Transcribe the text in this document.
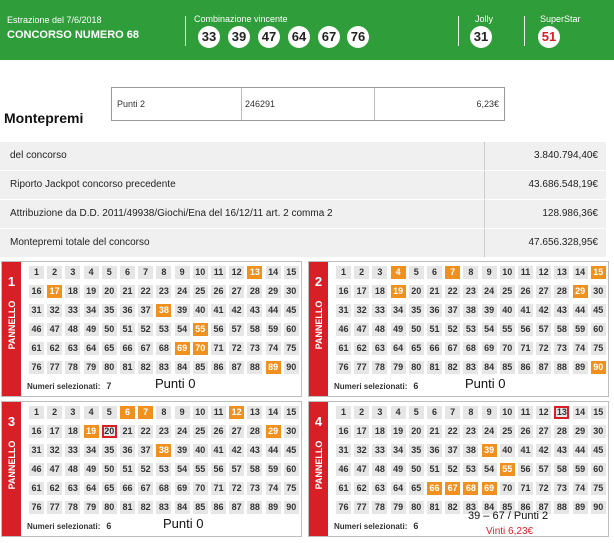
Estrazione del 7/6/2018
CONCORSO NUMERO 68
Combinazione vincente
33 39 47 64 67 76
Jolly
31
SuperStar
51
Punti 2	246291	6,23€
Montepremi
del concorso	3.840.794,40€
Riporto Jackpot concorso precedente	43.686.548,19€
Attribuzione da D.D. 2011/49938/Giochi/Ena del 16/12/11 art. 2 comma 2	128.986,36€
Montepremi totale del concorso	47.656.328,95€
1
PANNELLO
1	2	3	4	5	6	7	8	9	10 11 12 13 14 15
16 17 18 19 20 21 22 23 24 25 26 27 28 29 30
31 32 33 34 35 36 37 38 39 40 41 42 43 44 45
46 47 48 49 50 51 52 53 54 55 56 57 58 59 60
61 62 63 64 65 66 67 68 69 70 71 72 73 74 75
76 77 78 79 80 81 82 83 84 85 86 87 88 89 90
Numeri selezionati: 7	Punti 0
2
PANNELLO
1	2	3	4	5	6	7	8	9	10 11 12 13 14 15
16 17 18 19 20 21 22 23 24 25 26 27 28 29 30
31 32 33 34 35 36 37 38 39 40 41 42 43 44 45
46 47 48 49 50 51 52 53 54 55 56 57 58 59 60
61 62 63 64 65 66 67 68 69 70 71 72 73 74 75
76 77 78 79 80 81 82 83 84 85 86 87 88 89 90
Numeri selezionati: 6	Punti 0
3
PANNELLO
1	2	3	4	5	6	7	8	9	10 11 12 13 14 15
16 17 18 19 20 21 22 23 24 25 26 27 28 29 30
31 32 33 34 35 36 37 38 39 40 41 42 43 44 45
46 47 48 49 50 51 52 53 54 55 56 57 58 59 60
61 62 63 64 65 66 67 68 69 70 71 72 73 74 75
76 77 78 79 80 81 82 83 84 85 86 87 88 89 90
Numeri selezionati: 6	Punti 0
4
PANNELLO
1	2	3	4	5	6	7	8	9	10 11 12 13 14 15
16 17 18 19 20 21 22 23 24 25 26 27 28 29 30
31 32 33 34 35 36 37 38 39 40 41 42 43 44 45
46 47 48 49 50 51 52 53 54 55 56 57 58 59 60
61 62 63 64 65 66 67 68 69 70 71 72 73 74 75
76 77 78 79 80 81 82 83 84 85 86 87 88 89 90
Numeri selezionati: 6
39 – 67 / Punti 2
Vinti 6,23€
